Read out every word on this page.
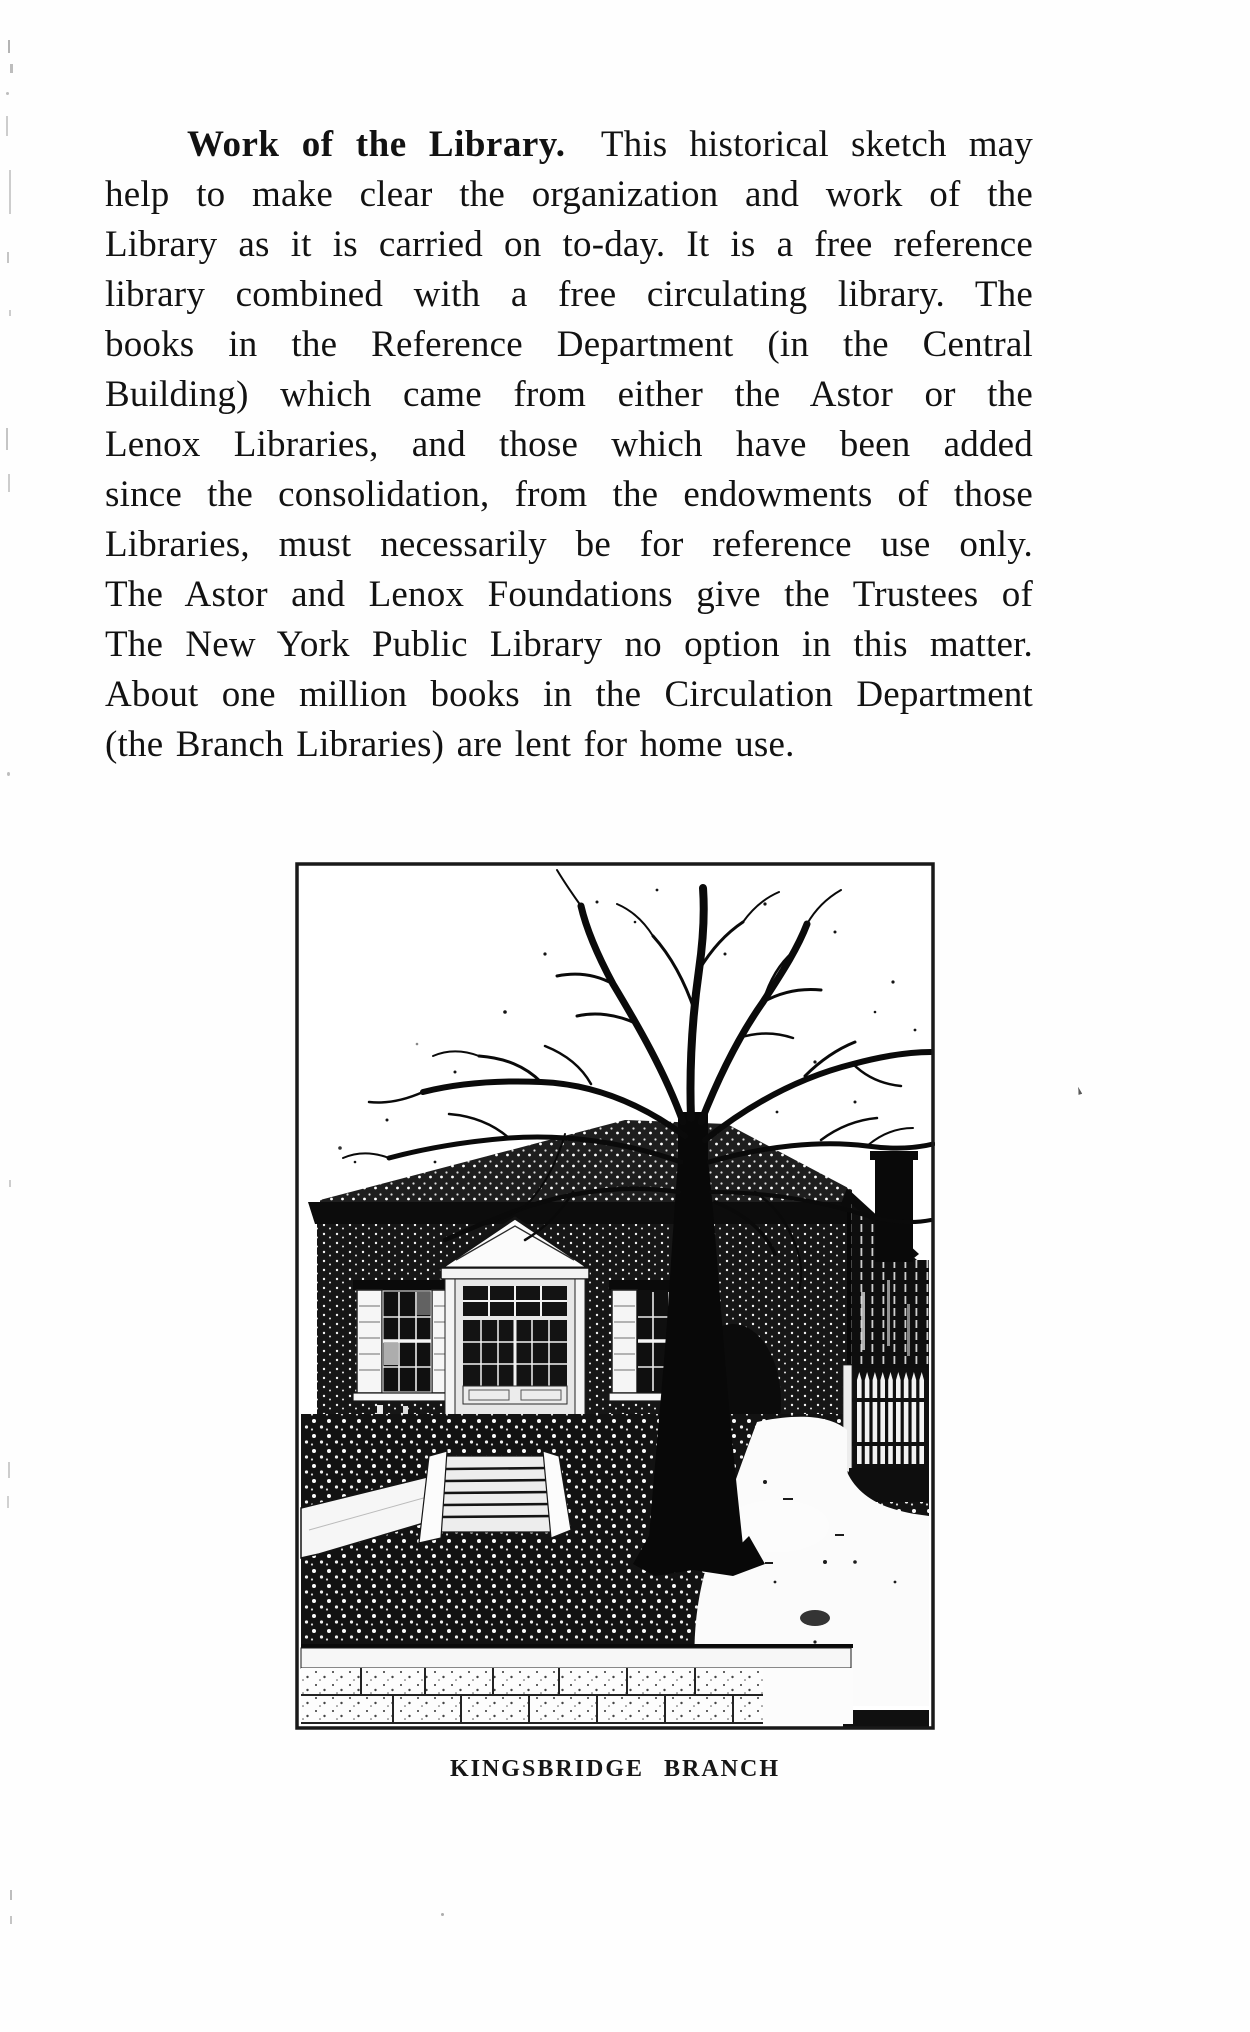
Work of the Library. This historical sketch may
help to make clear the organization and work of the
Library as it is carried on to-day. It is a free reference
library combined with a free circulating library. The
books in the Reference Department (in the Central
Building) which came from either the Astor or the
Lenox Libraries, and those which have been added
since the consolidation, from the endowments of those
Libraries, must necessarily be for reference use only.
The Astor and Lenox Foundations give the Trustees of
The New York Public Library no option in this matter.
About one million books in the Circulation Department
(the Branch Libraries) are lent for home use.
KINGSBRIDGE BRANCH
